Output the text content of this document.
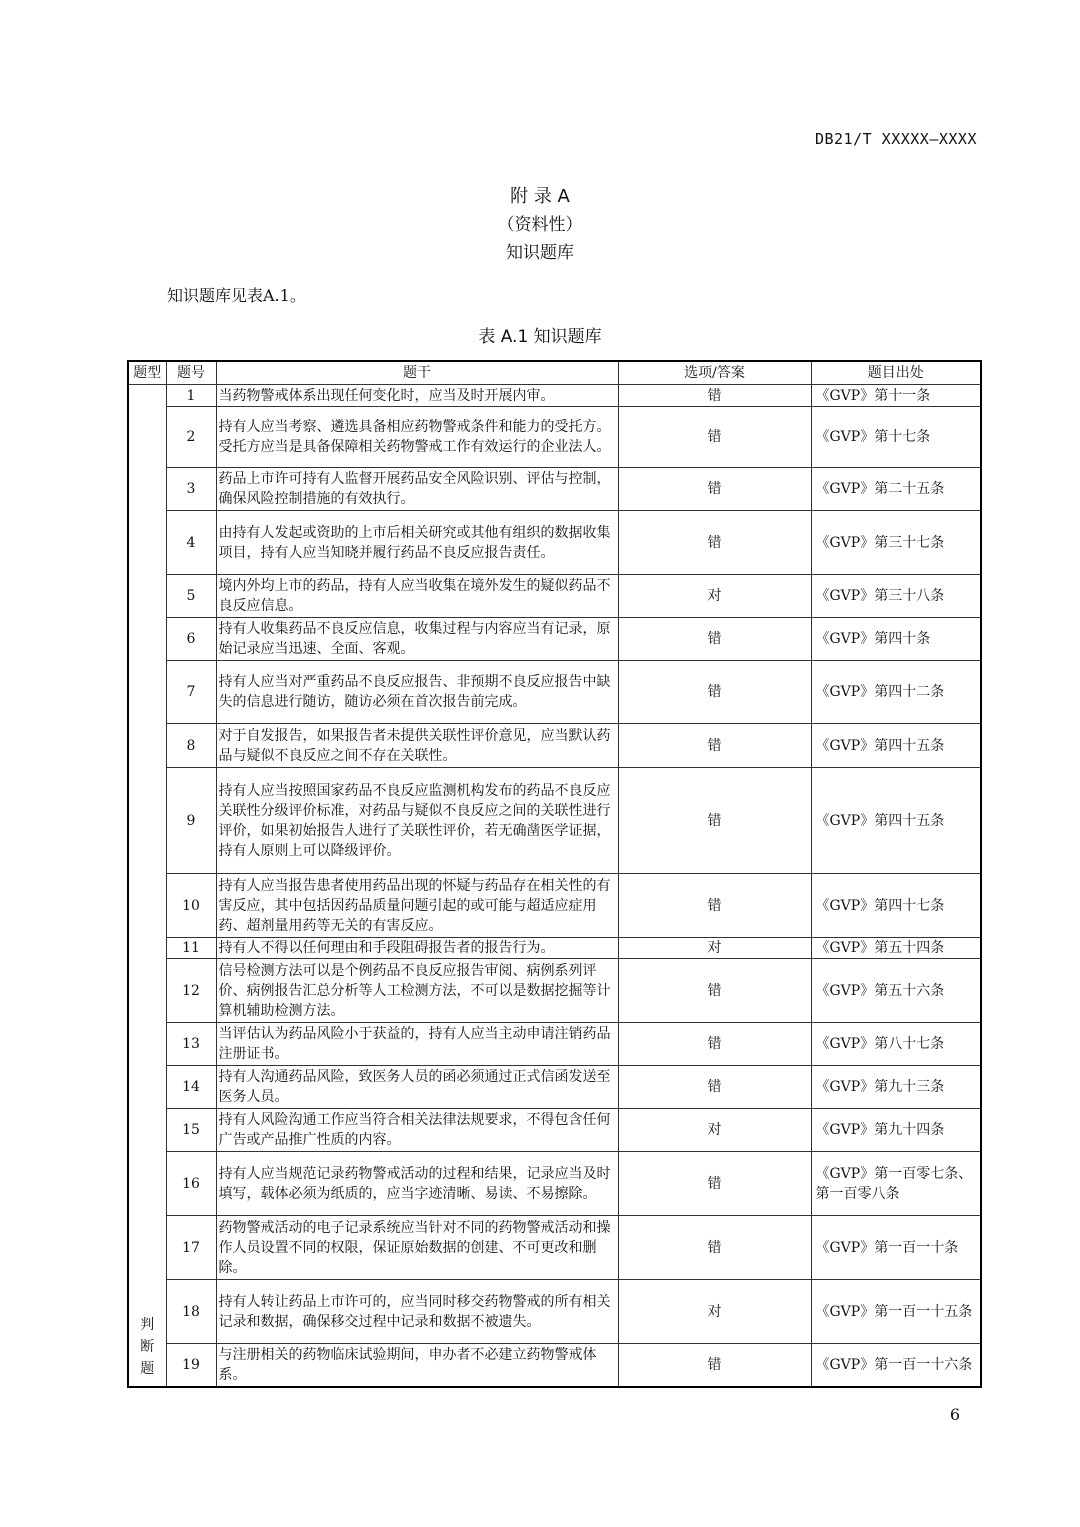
DB21/T XXXXX—XXXX
附 录 A
（资料性）
知识题库
知识题库见表A.1。
表 A.1 知识题库
题型	题号	题干	选项/答案	题目出处

判断题	1	当药物警戒体系出现任何变化时，应当及时开展内审。	错	《GVP》第十一条
	2	持有人应当考察、遴选具备相应药物警戒条件和能力的受托方。受托方应当是具备保障相关药物警戒工作有效运行的企业法人。	错	《GVP》第十七条
	3	药品上市许可持有人监督开展药品安全风险识别、评估与控制，确保风险控制措施的有效执行。	错	《GVP》第二十五条
	4	由持有人发起或资助的上市后相关研究或其他有组织的数据收集项目，持有人应当知晓并履行药品不良反应报告责任。	错	《GVP》第三十七条
	5	境内外均上市的药品，持有人应当收集在境外发生的疑似药品不良反应信息。	对	《GVP》第三十八条
	6	持有人收集药品不良反应信息，收集过程与内容应当有记录，原始记录应当迅速、全面、客观。	错	《GVP》第四十条
	7	持有人应当对严重药品不良反应报告、非预期不良反应报告中缺失的信息进行随访，随访必须在首次报告前完成。	错	《GVP》第四十二条
	8	对于自发报告，如果报告者未提供关联性评价意见，应当默认药品与疑似不良反应之间不存在关联性。	错	《GVP》第四十五条
	9	持有人应当按照国家药品不良反应监测机构发布的药品不良反应关联性分级评价标准，对药品与疑似不良反应之间的关联性进行评价，如果初始报告人进行了关联性评价，若无确凿医学证据，持有人原则上可以降级评价。	错	《GVP》第四十五条
	10	持有人应当报告患者使用药品出现的怀疑与药品存在相关性的有害反应，其中包括因药品质量问题引起的或可能与超适应症用药、超剂量用药等无关的有害反应。	错	《GVP》第四十七条
	11	持有人不得以任何理由和手段阻碍报告者的报告行为。	对	《GVP》第五十四条
	12	信号检测方法可以是个例药品不良反应报告审阅、病例系列评价、病例报告汇总分析等人工检测方法，不可以是数据挖掘等计算机辅助检测方法。	错	《GVP》第五十六条
	13	当评估认为药品风险小于获益的，持有人应当主动申请注销药品注册证书。	错	《GVP》第八十七条
	14	持有人沟通药品风险，致医务人员的函必须通过正式信函发送至医务人员。	错	《GVP》第九十三条
	15	持有人风险沟通工作应当符合相关法律法规要求，不得包含任何广告或产品推广性质的内容。	对	《GVP》第九十四条
	16	持有人应当规范记录药物警戒活动的过程和结果，记录应当及时填写，载体必须为纸质的，应当字迹清晰、易读、不易擦除。	错	《GVP》第一百零七条、第一百零八条
	17	药物警戒活动的电子记录系统应当针对不同的药物警戒活动和操作人员设置不同的权限，保证原始数据的创建、不可更改和删除。	错	《GVP》第一百一十条
	18	持有人转让药品上市许可的，应当同时移交药物警戒的所有相关记录和数据，确保移交过程中记录和数据不被遗失。	对	《GVP》第一百一十五条
	19	与注册相关的药物临床试验期间，申办者不必建立药物警戒体系。	错	《GVP》第一百一十六条
6
